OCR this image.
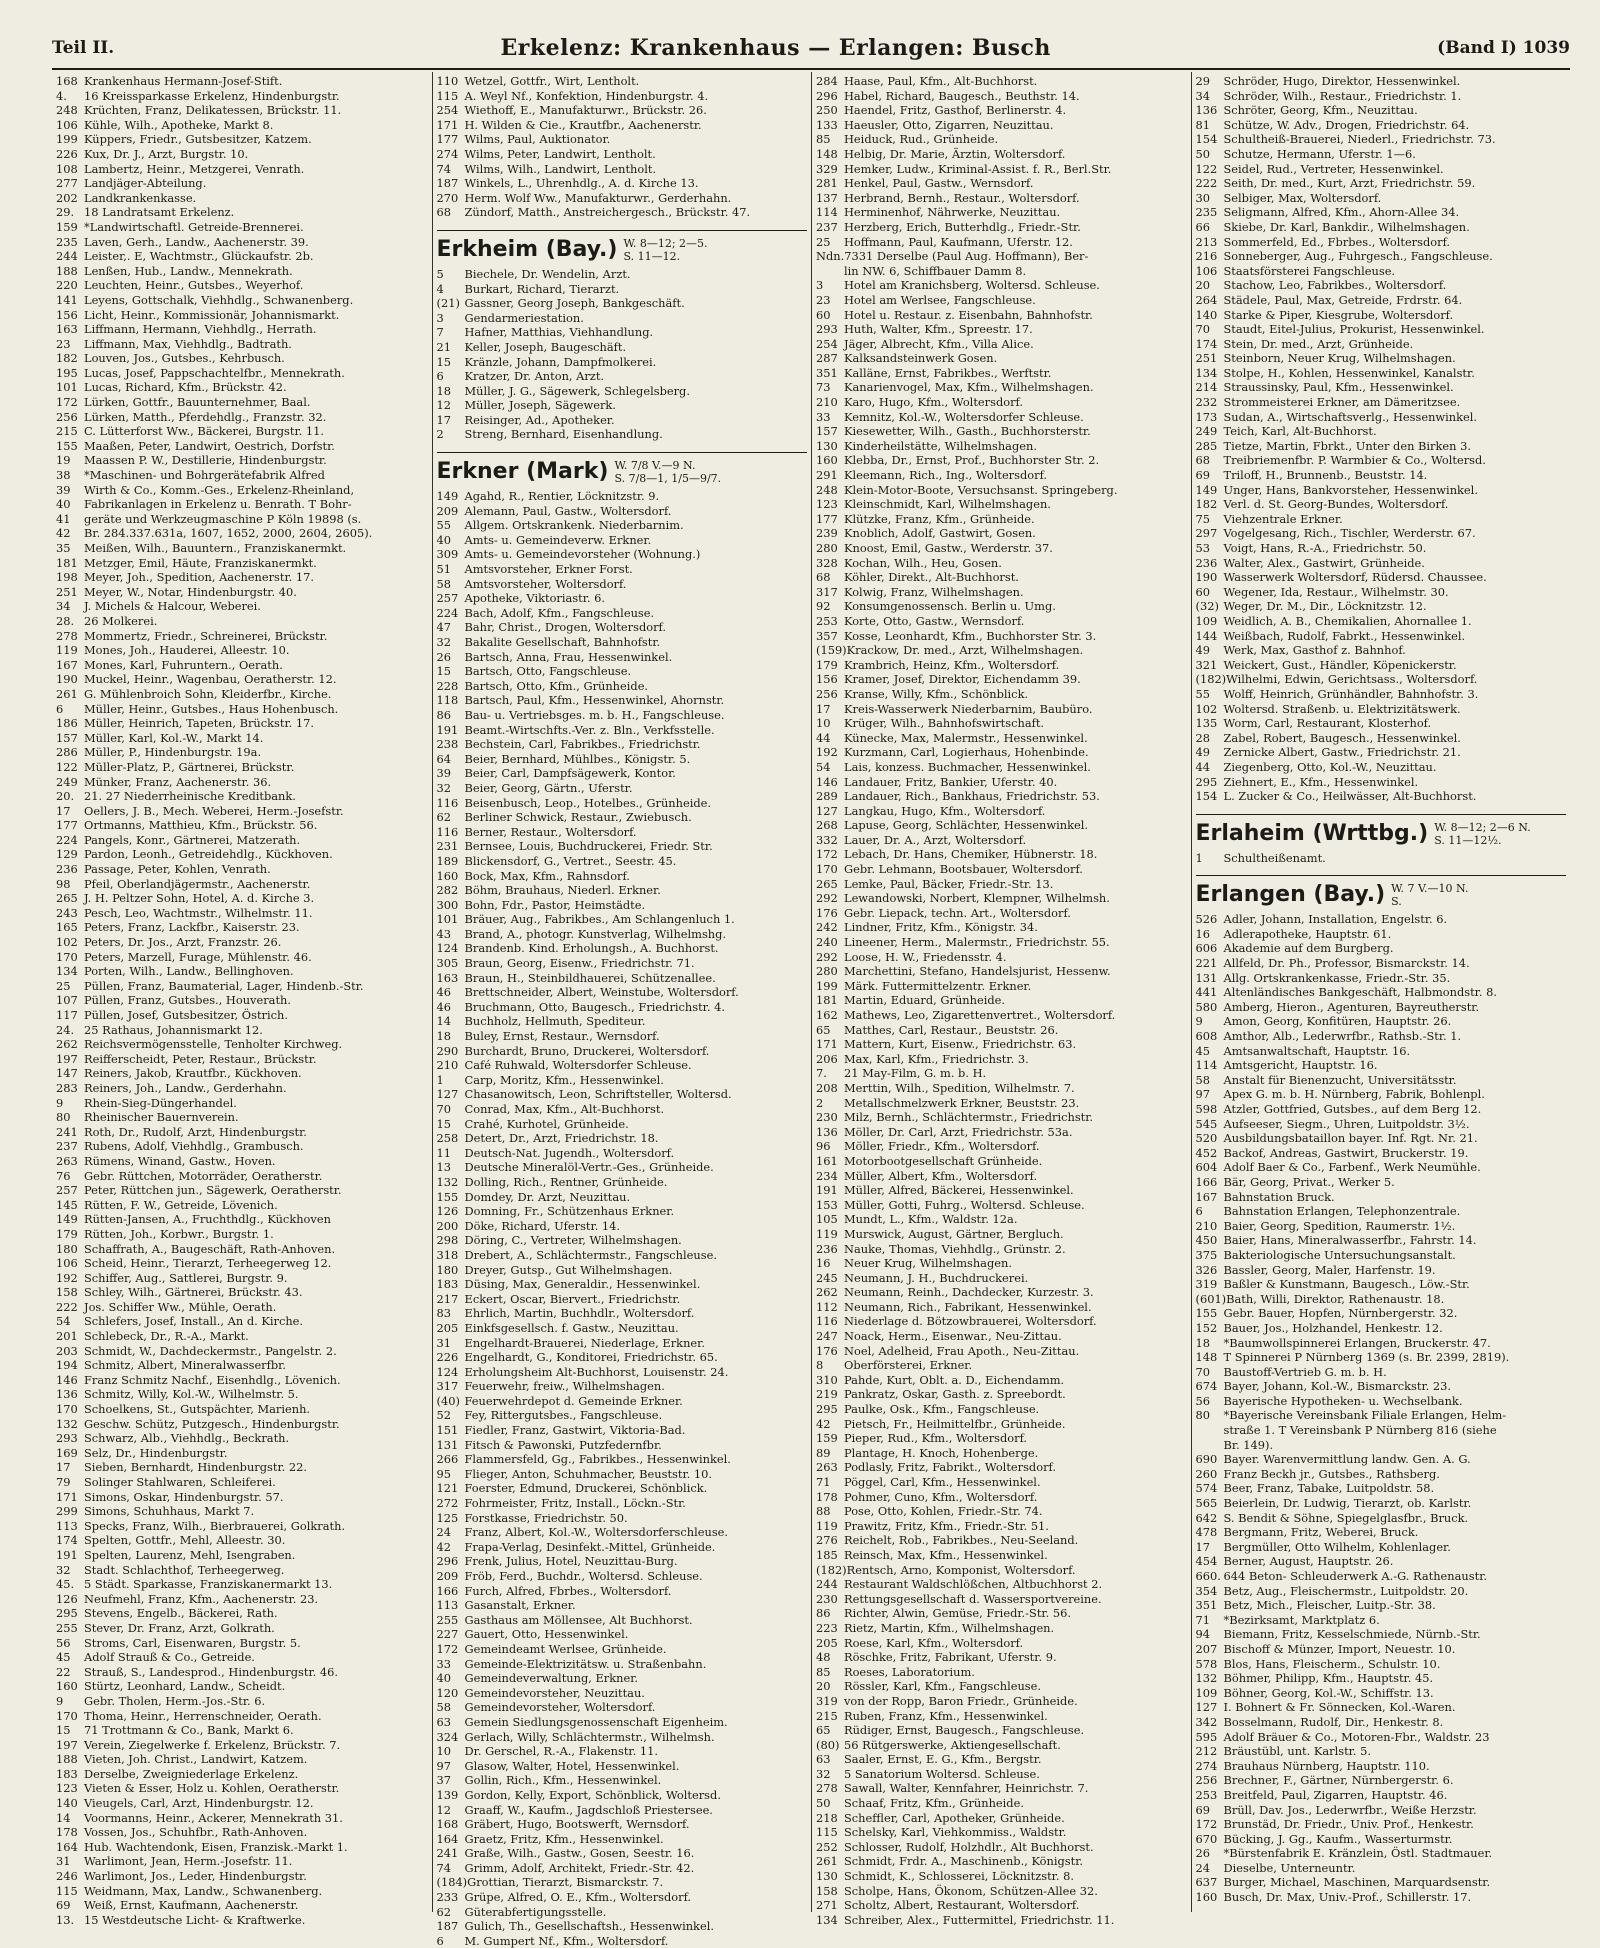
Teil II.	Erkelenz: Krankenhaus — Erlangen: Busch	(Band I) 1039
168 Krankenhaus Hermann-Josef-Stift.
4. 16 Kreissparkasse Erkelenz, Hindenburgstr.
248 Krüchten, Franz, Delikatessen, Brückstr. 11.
106 Kühle, Wilh., Apotheke, Markt 8.
199 Küppers, Friedr., Gutsbesitzer, Katzem.
226 Kux, Dr. J., Arzt, Burgstr. 10.
108 Lambertz, Heinr., Metzgerei, Venrath.
277 Landjäger-Abteilung.
202 Landkrankenkasse.
29. 18 Landratsamt Erkelenz.
159 *Landwirtschaftl. Getreide-Brennerei.
235 Laven, Gerh., Landw., Aachenerstr. 39.
244 Leister,. E, Wachtmstr., Glückaufstr. 2b.
188 Lenßen, Hub., Landw., Mennekrath.
220 Leuchten, Heinr., Gutsbes., Weyerhof.
141 Leyens, Gottschalk, Viehhdlg., Schwanenberg.
156 Licht, Heinr., Kommissionär, Johannismarkt.
163 Liffmann, Hermann, Viehhdlg., Herrath.
23 Liffmann, Max, Viehhdlg., Badtrath.
182 Louven, Jos., Gutsbes., Kehrbusch.
195 Lucas, Josef, Pappschachtelfbr., Mennekrath.
101 Lucas, Richard, Kfm., Brückstr. 42.
172 Lürken, Gottfr., Bauunternehmer, Baal.
256 Lürken, Matth., Pferdehdlg., Franzstr. 32.
215 C. Lütterforst Ww., Bäckerei, Burgstr. 11.
155 Maaßen, Peter, Landwirt, Oestrich, Dorfstr.
19 Maassen P. W., Destillerie, Hindenburgstr.
38 *Maschinen- und Bohrgerätefabrik Alfred
39 Wirth & Co., Komm.-Ges., Erkelenz-Rheinland,
40 Fabrikanlagen in Erkelenz u. Benrath. T Bohr-
41 geräte und Werkzeugmaschine P Köln 19898 (s.
42 Br. 284.337.631a, 1607, 1652, 2000, 2604, 2605).
35 Meißen, Wilh., Bauuntern., Franziskanermkt.
181 Metzger, Emil, Häute, Franziskanermkt.
198 Meyer, Joh., Spedition, Aachenerstr. 17.
251 Meyer, W., Notar, Hindenburgstr. 40.
34 J. Michels & Halcour, Weberei.
28. 26 Molkerei.
278 Mommertz, Friedr., Schreinerei, Brückstr.
119 Mones, Joh., Hauderei, Alleestr. 10.
167 Mones, Karl, Fuhruntern., Oerath.
190 Muckel, Heinr., Wagenbau, Oeratherstr. 12.
261 G. Mühlenbroich Sohn, Kleiderfbr., Kirche.
6 Müller, Heinr., Gutsbes., Haus Hohenbusch.
186 Müller, Heinrich, Tapeten, Brückstr. 17.
157 Müller, Karl, Kol.-W., Markt 14.
286 Müller, P., Hindenburgstr. 19a.
122 Müller-Platz, P., Gärtnerei, Brückstr.
249 Münker, Franz, Aachenerstr. 36.
20. 21. 27 Niederrheinische Kreditbank.
17 Oellers, J. B., Mech. Weberei, Herm.-Josefstr.
177 Ortmanns, Matthieu, Kfm., Brückstr. 56.
224 Pangels, Konr., Gärtnerei, Matzerath.
129 Pardon, Leonh., Getreidehdlg., Kückhoven.
236 Passage, Peter, Kohlen, Venrath.
98 Pfeil, Oberlandjägermstr., Aachenerstr.
265 J. H. Peltzer Sohn, Hotel, A. d. Kirche 3.
243 Pesch, Leo, Wachtmstr., Wilhelmstr. 11.
165 Peters, Franz, Lackfbr., Kaiserstr. 23.
102 Peters, Dr. Jos., Arzt, Franzstr. 26.
170 Peters, Marzell, Furage, Mühlenstr. 46.
134 Porten, Wilh., Landw., Bellinghoven.
25 Püllen, Franz, Baumaterial, Lager, Hindenb.-Str.
107 Püllen, Franz, Gutsbes., Houverath.
117 Püllen, Josef, Gutsbesitzer, Östrich.
24. 25 Rathaus, Johannismarkt 12.
262 Reichsvermögensstelle, Tenholter Kirchweg.
197 Reifferscheidt, Peter, Restaur., Brückstr.
147 Reiners, Jakob, Krautfbr., Kückhoven.
283 Reiners, Joh., Landw., Gerderhahn.
9 Rhein-Sieg-Düngerhandel.
80 Rheinischer Bauernverein.
241 Roth, Dr., Rudolf, Arzt, Hindenburgstr.
237 Rubens, Adolf, Viehhdlg., Grambusch.
263 Rümens, Winand, Gastw., Hoven.
76 Gebr. Rüttchen, Motorräder, Oeratherstr.
257 Peter, Rüttchen jun., Sägewerk, Oeratherstr.
145 Rütten, F. W., Getreide, Lövenich.
149 Rütten-Jansen, A., Fruchthdlg., Kückhoven
179 Rütten, Joh., Korbwr., Burgstr. 1.
180 Schaffrath, A., Baugeschäft, Rath-Anhoven.
106 Scheid, Heinr., Tierarzt, Terheegerweg 12.
192 Schiffer, Aug., Sattlerei, Burgstr. 9.
158 Schley, Wilh., Gärtnerei, Brückstr. 43.
222 Jos. Schiffer Ww., Mühle, Oerath.
54 Schlefers, Josef, Install., An d. Kirche.
201 Schlebeck, Dr., R.-A., Markt.
203 Schmidt, W., Dachdeckermstr., Pangelstr. 2.
194 Schmitz, Albert, Mineralwasserfbr.
146 Franz Schmitz Nachf., Eisenhdlg., Lövenich.
136 Schmitz, Willy, Kol.-W., Wilhelmstr. 5.
170 Schoelkens, St., Gutspächter, Marienh.
132 Geschw. Schütz, Putzgesch., Hindenburgstr.
293 Schwarz, Alb., Viehhdlg., Beckrath.
169 Selz, Dr., Hindenburgstr.
17 Sieben, Bernhardt, Hindenburgstr. 22.
79 Solinger Stahlwaren, Schleiferei.
171 Simons, Oskar, Hindenburgstr. 57.
299 Simons, Schuhhaus, Markt 7.
113 Specks, Franz, Wilh., Bierbrauerei, Golkrath.
174 Spelten, Gottfr., Mehl, Alleestr. 30.
191 Spelten, Laurenz, Mehl, Isengraben.
32 Stadt. Schlachthof, Terheegerweg.
45. 5 Städt. Sparkasse, Franziskanermarkt 13.
126 Neufmehl, Franz, Kfm., Aachenerstr. 23.
295 Stevens, Engelb., Bäckerei, Rath.
255 Stever, Dr. Franz, Arzt, Golkrath.
56 Stroms, Carl, Eisenwaren, Burgstr. 5.
45 Adolf Strauß & Co., Getreide.
22 Strauß, S., Landesprod., Hindenburgstr. 46.
160 Stürtz, Leonhard, Landw., Scheidt.
9 Gebr. Tholen, Herm.-Jos.-Str. 6.
170 Thoma, Heinr., Herrenschneider, Oerath.
15 71 Trottmann & Co., Bank, Markt 6.
197 Verein, Ziegelwerke f. Erkelenz, Brückstr. 7.
188 Vieten, Joh. Christ., Landwirt, Katzem.
183 Derselbe, Zweigniederlage Erkelenz.
123 Vieten & Esser, Holz u. Kohlen, Oeratherstr.
140 Vieugels, Carl, Arzt, Hindenburgstr. 12.
14 Voormanns, Heinr., Ackerer, Mennekrath 31.
178 Vossen, Jos., Schuhfbr., Rath-Anhoven.
164 Hub. Wachtendonk, Eisen, Franzisk.-Markt 1.
31 Warlimont, Jean, Herm.-Josefstr. 11.
246 Warlimont, Jos., Leder, Hindenburgstr.
115 Weidmann, Max, Landw., Schwanenberg.
69 Weiß, Ernst, Kaufmann, Aachenerstr.
13. 15 Westdeutsche Licht- & Kraftwerke.
110 Wetzel, Gottfr., Wirt, Lentholt.
115 A. Weyl Nf., Konfektion, Hindenburgstr. 4.
254 Wiethoff, E., Manufakturwr., Brückstr. 26.
171 H. Wilden & Cie., Krautfbr., Aachenerstr.
177 Wilms, Paul, Auktionator.
274 Wilms, Peter, Landwirt, Lentholt.
74 Wilms, Wilh., Landwirt, Lentholt.
187 Winkels, L., Uhrenhdlg., A. d. Kirche 13.
270 Herm. Wolf Ww., Manufakturwr., Gerderhahn.
68 Zündorf, Matth., Anstreichergesch., Brückstr. 47.
Erkheim (Bay.) W. 8—12; 2—5.
S. 11—12.
5 Biechele, Dr. Wendelin, Arzt.
4 Burkart, Richard, Tierarzt.
(21) Gassner, Georg Joseph, Bankgeschäft.
3 Gendarmeriestation.
7 Hafner, Matthias, Viehhandlung.
21 Keller, Joseph, Baugeschäft.
15 Kränzle, Johann, Dampfmolkerei.
6 Kratzer, Dr. Anton, Arzt.
18 Müller, J. G., Sägewerk, Schlegelsberg.
12 Müller, Joseph, Sägewerk.
17 Reisinger, Ad., Apotheker.
2 Streng, Bernhard, Eisenhandlung.
Erkner (Mark) W. 7/8 V.—9 N.
S. 7/8—1, 1/5—9/7.
149 Agahd, R., Rentier, Löcknitzstr. 9.
209 Alemann, Paul, Gastw., Woltersdorf.
55 Allgem. Ortskrankenk. Niederbarnim.
40 Amts- u. Gemeindeverw. Erkner.
309 Amts- u. Gemeindevorsteher (Wohnung.)
51 Amtsvorsteher, Erkner Forst.
58 Amtsvorsteher, Woltersdorf.
257 Apotheke, Viktoriastr. 6.
224 Bach, Adolf, Kfm., Fangschleuse.
47 Bahr, Christ., Drogen, Woltersdorf.
32 Bakalite Gesellschaft, Bahnhofstr.
26 Bartsch, Anna, Frau, Hessenwinkel.
15 Bartsch, Otto, Fangschleuse.
228 Bartsch, Otto, Kfm., Grünheide.
118 Bartsch, Paul, Kfm., Hessenwinkel, Ahornstr.
86 Bau- u. Vertriebsges. m. b. H., Fangschleuse.
191 Beamt.-Wirtschfts.-Ver. z. Bln., Verkfsstelle.
238 Bechstein, Carl, Fabrikbes., Friedrichstr.
64 Beier, Bernhard, Mühlbes., Königstr. 5.
39 Beier, Carl, Dampfsägewerk, Kontor.
32 Beier, Georg, Gärtn., Uferstr.
116 Beisenbusch, Leop., Hotelbes., Grünheide.
62 Berliner Schwick, Restaur., Zwiebusch.
116 Berner, Restaur., Woltersdorf.
231 Bernsee, Louis, Buchdruckerei, Friedr. Str.
189 Blickensdorf, G., Vertret., Seestr. 45.
160 Bock, Max, Kfm., Rahnsdorf.
282 Böhm, Brauhaus, Niederl. Erkner.
300 Bohn, Fdr., Pastor, Heimstädte.
101 Bräuer, Aug., Fabrikbes., Am Schlangenluch 1.
43 Brand, A., photogr. Kunstverlag, Wilhelmshg.
124 Brandenb. Kind. Erholungsh., A. Buchhorst.
305 Braun, Georg, Eisenw., Friedrichstr. 71.
163 Braun, H., Steinbildhauerei, Schützenallee.
46 Brettschneider, Albert, Weinstube, Woltersdorf.
46 Bruchmann, Otto, Baugesch., Friedrichstr. 4.
14 Buchholz, Hellmuth, Spediteur.
18 Buley, Ernst, Restaur., Wernsdorf.
290 Burchardt, Bruno, Druckerei, Woltersdorf.
210 Café Ruhwald, Woltersdorfer Schleuse.
1 Carp, Moritz, Kfm., Hessenwinkel.
127 Chasanowitsch, Leon, Schriftsteller, Woltersd.
70 Conrad, Max, Kfm., Alt-Buchhorst.
15 Crahé, Kurhotel, Grünheide.
258 Detert, Dr., Arzt, Friedrichstr. 18.
11 Deutsch-Nat. Jugendh., Woltersdorf.
13 Deutsche Mineralöl-Vertr.-Ges., Grünheide.
132 Dolling, Rich., Rentner, Grünheide.
155 Domdey, Dr. Arzt, Neuzittau.
126 Domning, Fr., Schützenhaus Erkner.
200 Döke, Richard, Uferstr. 14.
298 Döring, C., Vertreter, Wilhelmshagen.
318 Drebert, A., Schlächtermstr., Fangschleuse.
180 Dreyer, Gutsp., Gut Wilhelmshagen.
183 Düsing, Max, Generaldir., Hessenwinkel.
217 Eckert, Oscar, Biervert., Friedrichstr.
83 Ehrlich, Martin, Buchhdlr., Woltersdorf.
205 Einkfsgesellsch. f. Gastw., Neuzittau.
31 Engelhardt-Brauerei, Niederlage, Erkner.
226 Engelhardt, G., Konditorei, Friedrichstr. 65.
124 Erholungsheim Alt-Buchhorst, Louisenstr. 24.
317 Feuerwehr, freiw., Wilhelmshagen.
(40) Feuerwehrdepot d. Gemeinde Erkner.
52 Fey, Rittergutsbes., Fangschleuse.
151 Fiedler, Franz, Gastwirt, Viktoria-Bad.
131 Fitsch & Pawonski, Putzfedernfbr.
266 Flammersfeld, Gg., Fabrikbes., Hessenwinkel.
95 Flieger, Anton, Schuhmacher, Beuststr. 10.
121 Foerster, Edmund, Druckerei, Schönblick.
272 Fohrmeister, Fritz, Install., Löckn.-Str.
125 Forstkasse, Friedrichstr. 50.
24 Franz, Albert, Kol.-W., Woltersdorferschleuse.
42 Frapa-Verlag, Desinfekt.-Mittel, Grünheide.
296 Frenk, Julius, Hotel, Neuzittau-Burg.
209 Fröb, Ferd., Buchdr., Woltersd. Schleuse.
166 Furch, Alfred, Fbrbes., Woltersdorf.
113 Gasanstalt, Erkner.
255 Gasthaus am Möllensee, Alt Buchhorst.
227 Gauert, Otto, Hessenwinkel.
172 Gemeindeamt Werlsee, Grünheide.
33 Gemeinde-Elektrizitätsw. u. Straßenbahn.
40 Gemeindeverwaltung, Erkner.
120 Gemeindevorsteher, Neuzittau.
58 Gemeindevorsteher, Woltersdorf.
63 Gemein Siedlungsgenossenschaft Eigenheim.
324 Gerlach, Willy, Schlächtermstr., Wilhelmsh.
10 Dr. Gerschel, R.-A., Flakenstr. 11.
97 Glasow, Walter, Hotel, Hessenwinkel.
37 Gollin, Rich., Kfm., Hessenwinkel.
139 Gordon, Kelly, Export, Schönblick, Woltersd.
12 Graaff, W., Kaufm., Jagdschloß Priestersee.
168 Gräbert, Hugo, Bootswerft, Wernsdorf.
164 Graetz, Fritz, Kfm., Hessenwinkel.
241 Graße, Wilh., Gastw., Gosen, Seestr. 16.
74 Grimm, Adolf, Architekt, Friedr.-Str. 42.
(184)Grottian, Tierarzt, Bismarckstr. 7.
233 Grüpe, Alfred, O. E., Kfm., Woltersdorf.
62 Güterabfertigungsstelle.
187 Gulich, Th., Gesellschaftsh., Hessenwinkel.
6 M. Gumpert Nf., Kfm., Woltersdorf.
284 Haase, Paul, Kfm., Alt-Buchhorst.
296 Habel, Richard, Baugesch., Beuthstr. 14.
250 Haendel, Fritz, Gasthof, Berlinerstr. 4.
133 Haeusler, Otto, Zigarren, Neuzittau.
85 Heiduck, Rud., Grünheide.
148 Helbig, Dr. Marie, Ärztin, Woltersdorf.
329 Hemker, Ludw., Kriminal-Assist. f. R., Berl.Str.
281 Henkel, Paul, Gastw., Wernsdorf.
137 Herbrand, Bernh., Restaur., Woltersdorf.
114 Herminenhof, Nährwerke, Neuzittau.
237 Herzberg, Erich, Butterhdlg., Friedr.-Str.
25 Hoffmann, Paul, Kaufmann, Uferstr. 12.
Ndn.7331 Derselbe (Paul Aug. Hoffmann), Ber-
lin NW. 6, Schiffbauer Damm 8.
3 Hotel am Kranichsberg, Woltersd. Schleuse.
23 Hotel am Werlsee, Fangschleuse.
60 Hotel u. Restaur. z. Eisenbahn, Bahnhofstr.
293 Huth, Walter, Kfm., Spreestr. 17.
254 Jäger, Albrecht, Kfm., Villa Alice.
287 Kalksandsteinwerk Gosen.
351 Kalläne, Ernst, Fabrikbes., Werftstr.
73 Kanarienvogel, Max, Kfm., Wilhelmshagen.
210 Karo, Hugo, Kfm., Woltersdorf.
33 Kemnitz, Kol.-W., Woltersdorfer Schleuse.
157 Kiesewetter, Wilh., Gasth., Buchhorsterstr.
130 Kinderheilstätte, Wilhelmshagen.
160 Klebba, Dr., Ernst, Prof., Buchhorster Str. 2.
291 Kleemann, Rich., Ing., Woltersdorf.
248 Klein-Motor-Boote, Versuchsanst. Springeberg.
123 Kleinschmidt, Karl, Wilhelmshagen.
177 Klützke, Franz, Kfm., Grünheide.
239 Knoblich, Adolf, Gastwirt, Gosen.
280 Knoost, Emil, Gastw., Werderstr. 37.
328 Kochan, Wilh., Heu, Gosen.
68 Köhler, Direkt., Alt-Buchhorst.
317 Kolwig, Franz, Wilhelmshagen.
92 Konsumgenossensch. Berlin u. Umg.
253 Korte, Otto, Gastw., Wernsdorf.
357 Kosse, Leonhardt, Kfm., Buchhorster Str. 3.
(159)Krackow, Dr. med., Arzt, Wilhelmshagen.
179 Krambrich, Heinz, Kfm., Woltersdorf.
156 Kramer, Josef, Direktor, Eichendamm 39.
256 Kranse, Willy, Kfm., Schönblick.
17 Kreis-Wasserwerk Niederbarnim, Baubüro.
10 Krüger, Wilh., Bahnhofswirtschaft.
44 Künecke, Max, Malermstr., Hessenwinkel.
192 Kurzmann, Carl, Logierhaus, Hohenbinde.
54 Lais, konzess. Buchmacher, Hessenwinkel.
146 Landauer, Fritz, Bankier, Uferstr. 40.
289 Landauer, Rich., Bankhaus, Friedrichstr. 53.
127 Langkau, Hugo, Kfm., Woltersdorf.
268 Lapuse, Georg, Schlächter, Hessenwinkel.
332 Lauer, Dr. A., Arzt, Woltersdorf.
172 Lebach, Dr. Hans, Chemiker, Hübnerstr. 18.
170 Gebr. Lehmann, Bootsbauer, Woltersdorf.
265 Lemke, Paul, Bäcker, Friedr.-Str. 13.
292 Lewandowski, Norbert, Klempner, Wilhelmsh.
176 Gebr. Liepack, techn. Art., Woltersdorf.
242 Lindner, Fritz, Kfm., Königstr. 34.
240 Lineener, Herm., Malermstr., Friedrichstr. 55.
292 Loose, H. W., Friedensstr. 4.
280 Marchettini, Stefano, Handelsjurist, Hessenw.
199 Märk. Futtermittelzentr. Erkner.
181 Martin, Eduard, Grünheide.
162 Mathews, Leo, Zigarettenvertret., Woltersdorf.
65 Matthes, Carl, Restaur., Beuststr. 26.
171 Mattern, Kurt, Eisenw., Friedrichstr. 63.
206 Max, Karl, Kfm., Friedrichstr. 3.
7. 21 May-Film, G. m. b. H.
208 Merttin, Wilh., Spedition, Wilhelmstr. 7.
2 Metallschmelzwerk Erkner, Beuststr. 23.
230 Milz, Bernh., Schlächtermstr., Friedrichstr.
136 Möller, Dr. Carl, Arzt, Friedrichstr. 53a.
96 Möller, Friedr., Kfm., Woltersdorf.
161 Motorbootgesellschaft Grünheide.
234 Müller, Albert, Kfm., Woltersdorf.
191 Müller, Alfred, Bäckerei, Hessenwinkel.
153 Müller, Gotti, Fuhrg., Woltersd. Schleuse.
105 Mundt, L., Kfm., Waldstr. 12a.
119 Murswick, August, Gärtner, Bergluch.
236 Nauke, Thomas, Viehhdlg., Grünstr. 2.
16 Neuer Krug, Wilhelmshagen.
245 Neumann, J. H., Buchdruckerei.
262 Neumann, Reinh., Dachdecker, Kurzestr. 3.
112 Neumann, Rich., Fabrikant, Hessenwinkel.
116 Niederlage d. Bötzowbrauerei, Woltersdorf.
247 Noack, Herm., Eisenwar., Neu-Zittau.
176 Noel, Adelheid, Frau Apoth., Neu-Zittau.
8 Oberförsterei, Erkner.
310 Pahde, Kurt, Oblt. a. D., Eichendamm.
219 Pankratz, Oskar, Gasth. z. Spreebordt.
295 Paulke, Osk., Kfm., Fangschleuse.
42 Pietsch, Fr., Heilmittelfbr., Grünheide.
159 Pieper, Rud., Kfm., Woltersdorf.
89 Plantage, H. Knoch, Hohenberge.
263 Podlasly, Fritz, Fabrikt., Woltersdorf.
71 Pöggel, Carl, Kfm., Hessenwinkel.
178 Pohmer, Cuno, Kfm., Woltersdorf.
88 Pose, Otto, Kohlen, Friedr.-Str. 74.
119 Prawitz, Fritz, Kfm., Friedr.-Str. 51.
276 Reichelt, Rob., Fabrikbes., Neu-Seeland.
185 Reinsch, Max, Kfm., Hessenwinkel.
(182)Rentsch, Arno, Komponist, Woltersdorf.
244 Restaurant Waldschlößchen, Altbuchhorst 2.
230 Rettungsgesellschaft d. Wassersportvereine.
86 Richter, Alwin, Gemüse, Friedr.-Str. 56.
223 Rietz, Martin, Kfm., Wilhelmshagen.
205 Roese, Karl, Kfm., Woltersdorf.
48 Röschke, Fritz, Fabrikant, Uferstr. 9.
85 Roeses, Laboratorium.
20 Rössler, Karl, Kfm., Fangschleuse.
319 von der Ropp, Baron Friedr., Grünheide.
215 Ruben, Franz, Kfm., Hessenwinkel.
65 Rüdiger, Ernst, Baugesch., Fangschleuse.
(80) 56 Rütgerswerke, Aktiengesellschaft.
63 Saaler, Ernst, E. G., Kfm., Bergstr.
32 5 Sanatorium Woltersd. Schleuse.
278 Sawall, Walter, Kennfahrer, Heinrichstr. 7.
50 Schaaf, Fritz, Kfm., Grünheide.
218 Scheffler, Carl, Apotheker, Grünheide.
115 Schelsky, Karl, Viehkommiss., Waldstr.
252 Schlosser, Rudolf, Holzhdlr., Alt Buchhorst.
261 Schmidt, Frdr. A., Maschinenb., Königstr.
130 Schmidt, K., Schlosserei, Löcknitzstr. 8.
158 Scholpe, Hans, Ökonom, Schützen-Allee 32.
271 Scholtz, Albert, Restaurant, Woltersdorf.
134 Schreiber, Alex., Futtermittel, Friedrichstr. 11.
29 Schröder, Hugo, Direktor, Hessenwinkel.
34 Schröder, Wilh., Restaur., Friedrichstr. 1.
136 Schröter, Georg, Kfm., Neuzittau.
81 Schütze, W. Adv., Drogen, Friedrichstr. 64.
154 Schultheiß-Brauerei, Niederl., Friedrichstr. 73.
50 Schutze, Hermann, Uferstr. 1—6.
122 Seidel, Rud., Vertreter, Hessenwinkel.
222 Seith, Dr. med., Kurt, Arzt, Friedrichstr. 59.
30 Selbiger, Max, Woltersdorf.
235 Seligmann, Alfred, Kfm., Ahorn-Allee 34.
66 Skiebe, Dr. Karl, Bankdir., Wilhelmshagen.
213 Sommerfeld, Ed., Fbrbes., Woltersdorf.
216 Sonneberger, Aug., Fuhrgesch., Fangschleuse.
106 Staatsförsterei Fangschleuse.
20 Stachow, Leo, Fabrikbes., Woltersdorf.
264 Städele, Paul, Max, Getreide, Frdrstr. 64.
140 Starke & Piper, Kiesgrube, Woltersdorf.
70 Staudt, Eitel-Julius, Prokurist, Hessenwinkel.
174 Stein, Dr. med., Arzt, Grünheide.
251 Steinborn, Neuer Krug, Wilhelmshagen.
134 Stolpe, H., Kohlen, Hessenwinkel, Kanalstr.
214 Straussinsky, Paul, Kfm., Hessenwinkel.
232 Strommeisterei Erkner, am Dämeritzsee.
173 Sudan, A., Wirtschaftsverlg., Hessenwinkel.
249 Teich, Karl, Alt-Buchhorst.
285 Tietze, Martin, Fbrkt., Unter den Birken 3.
68 Treibriemenfbr. P. Warmbier & Co., Woltersd.
69 Triloff, H., Brunnenb., Beuststr. 14.
149 Unger, Hans, Bankvorsteher, Hessenwinkel.
182 Verl. d. St. Georg-Bundes, Woltersdorf.
75 Viehzentrale Erkner.
297 Vogelgesang, Rich., Tischler, Werderstr. 67.
53 Voigt, Hans, R.-A., Friedrichstr. 50.
236 Walter, Alex., Gastwirt, Grünheide.
190 Wasserwerk Woltersdorf, Rüdersd. Chaussee.
60 Wegener, Ida, Restaur., Wilhelmstr. 30.
(32) Weger, Dr. M., Dir., Löcknitzstr. 12.
109 Weidlich, A. B., Chemikalien, Ahornallee 1.
144 Weißbach, Rudolf, Fabrkt., Hessenwinkel.
49 Werk, Max, Gasthof z. Bahnhof.
321 Weickert, Gust., Händler, Köpenickerstr.
(182)Wilhelmi, Edwin, Gerichtsass., Woltersdorf.
55 Wolff, Heinrich, Grünhändler, Bahnhofstr. 3.
102 Woltersd. Straßenb. u. Elektrizitätswerk.
135 Worm, Carl, Restaurant, Klosterhof.
28 Zabel, Robert, Baugesch., Hessenwinkel.
49 Zernicke Albert, Gastw., Friedrichstr. 21.
44 Ziegenberg, Otto, Kol.-W., Neuzittau.
295 Ziehnert, E., Kfm., Hessenwinkel.
154 L. Zucker & Co., Heilwässer, Alt-Buchhorst.
Erlaheim (Wrttbg.) W. 8—12; 2—6 N.
S. 11—12½.
1 Schultheißenamt.
Erlangen (Bay.) W. 7 V.—10 N.
S.
526 Adler, Johann, Installation, Engelstr. 6.
16 Adlerapotheke, Hauptstr. 61.
606 Akademie auf dem Burgberg.
221 Allfeld, Dr. Ph., Professor, Bismarckstr. 14.
131 Allg. Ortskrankenkasse, Friedr.-Str. 35.
441 Altenländisches Bankgeschäft, Halbmondstr. 8.
580 Amberg, Hieron., Agenturen, Bayreutherstr.
9 Amon, Georg, Konfitüren, Hauptstr. 26.
608 Amthor, Alb., Lederwrfbr., Rathsb.-Str. 1.
45 Amtsanwaltschaft, Hauptstr. 16.
114 Amtsgericht, Hauptstr. 16.
58 Anstalt für Bienenzucht, Universitätsstr.
97 Apex G. m. b. H. Nürnberg, Fabrik, Bohlenpl.
598 Atzler, Gottfried, Gutsbes., auf dem Berg 12.
545 Aufseeser, Siegm., Uhren, Luitpoldstr. 3½.
520 Ausbildungsbataillon bayer. Inf. Rgt. Nr. 21.
452 Backof, Andreas, Gastwirt, Bruckerstr. 19.
604 Adolf Baer & Co., Farbenf., Werk Neumühle.
166 Bär, Georg, Privat., Werker 5.
167 Bahnstation Bruck.
6 Bahnstation Erlangen, Telephonzentrale.
210 Baier, Georg, Spedition, Raumerstr. 1½.
450 Baier, Hans, Mineralwasserfbr., Fahrstr. 14.
375 Bakteriologische Untersuchungsanstalt.
326 Bassler, Georg, Maler, Harfenstr. 19.
319 Baßler & Kunstmann, Baugesch., Löw.-Str.
(601)Bath, Willi, Direktor, Rathenaustr. 18.
155 Gebr. Bauer, Hopfen, Nürnbergerstr. 32.
152 Bauer, Jos., Holzhandel, Henkestr. 12.
18 *Baumwollspinnerei Erlangen, Bruckerstr. 47.
148 T Spinnerei P Nürnberg 1369 (s. Br. 2399, 2819).
70 Baustoff-Vertrieb G. m. b. H.
674 Bayer, Johann, Kol.-W., Bismarckstr. 23.
56 Bayerische Hypotheken- u. Wechselbank.
80 *Bayerische Vereinsbank Filiale Erlangen, Helm-
straße 1. T Vereinsbank P Nürnberg 816 (siehe
Br. 149).
690 Bayer. Warenvermittlung landw. Gen. A. G.
260 Franz Beckh jr., Gutsbes., Rathsberg.
574 Beer, Franz, Tabake, Luitpoldstr. 58.
565 Beierlein, Dr. Ludwig, Tierarzt, ob. Karlstr.
642 S. Bendit & Söhne, Spiegelglasfbr., Bruck.
478 Bergmann, Fritz, Weberei, Bruck.
17 Bergmüller, Otto Wilhelm, Kohlenlager.
454 Berner, August, Hauptstr. 26.
660. 644 Beton- Schleuderwerk A.-G. Rathenaustr.
354 Betz, Aug., Fleischermstr., Luitpoldstr. 20.
351 Betz, Mich., Fleischer, Luitp.-Str. 38.
71 *Bezirksamt, Marktplatz 6.
94 Biemann, Fritz, Kesselschmiede, Nürnb.-Str.
207 Bischoff & Münzer, Import, Neuestr. 10.
578 Blos, Hans, Fleischerm., Schulstr. 10.
132 Böhmer, Philipp, Kfm., Hauptstr. 45.
109 Böhner, Georg, Kol.-W., Schiffstr. 13.
127 I. Bohnert & Fr. Sönnecken, Kol.-Waren.
342 Bosselmann, Rudolf, Dir., Henkestr. 8.
595 Adolf Bräuer & Co., Motoren-Fbr., Waldstr. 23
212 Bräustübl, unt. Karlstr. 5.
274 Brauhaus Nürnberg, Hauptstr. 110.
256 Brechner, F., Gärtner, Nürnbergerstr. 6.
253 Breitfeld, Paul, Zigarren, Hauptstr. 46.
69 Brüll, Dav. Jos., Lederwrfbr., Weiße Herzstr.
172 Brunstäd, Dr. Friedr., Univ. Prof., Henkestr.
670 Bücking, J. Gg., Kaufm., Wasserturmstr.
26 *Bürstenfabrik E. Kränzlein, Östl. Stadtmauer.
24 Dieselbe, Unterneuntr.
637 Burger, Michael, Maschinen, Marquardsenstr.
160 Busch, Dr. Max, Univ.-Prof., Schillerstr. 17.
